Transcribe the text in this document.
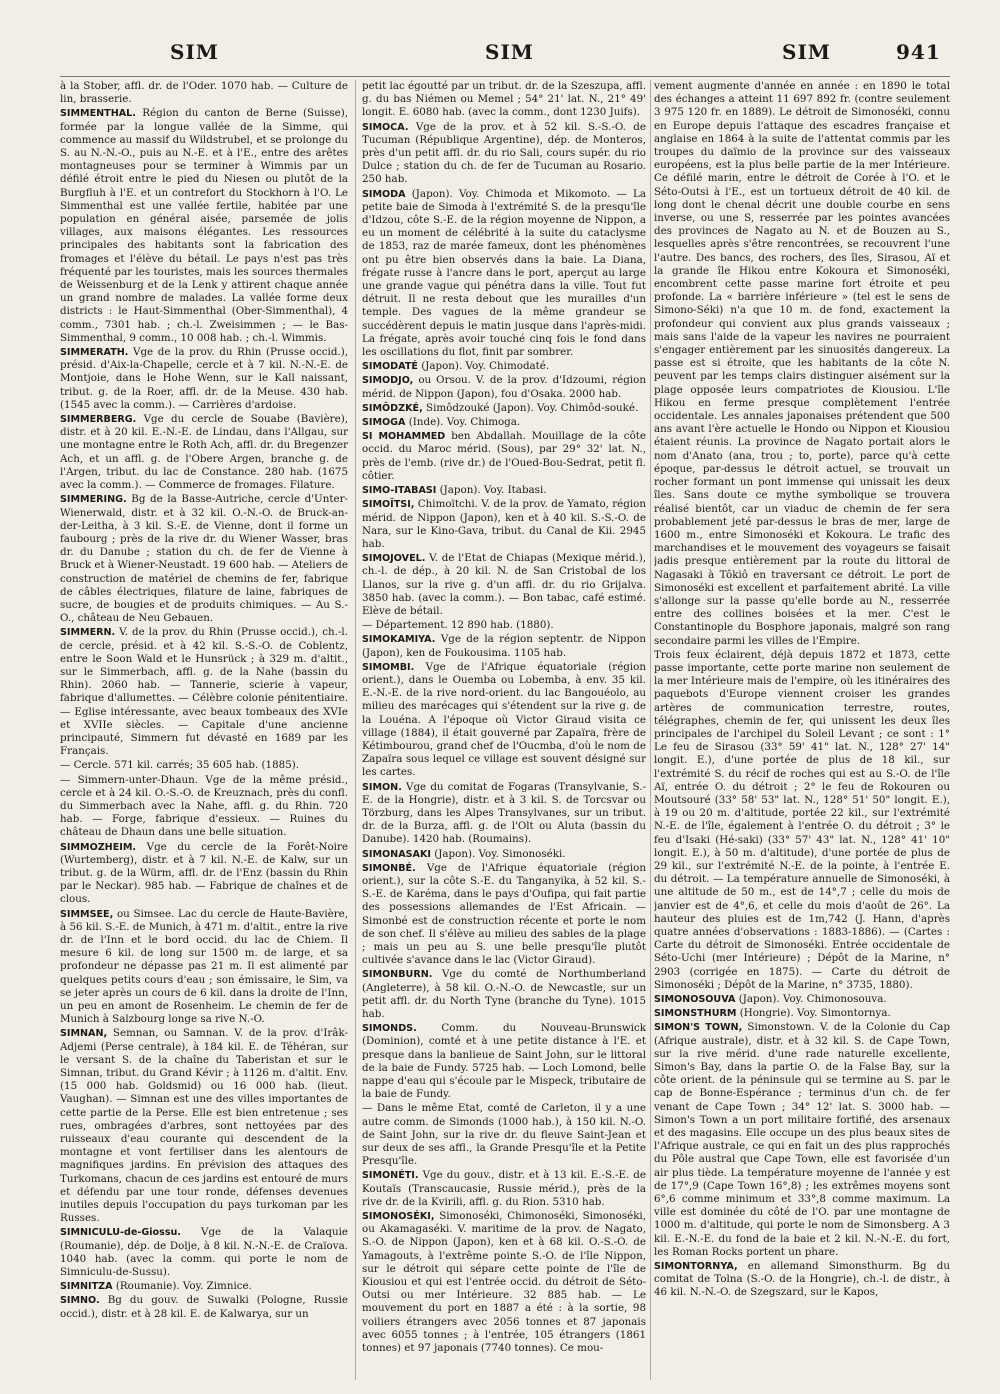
SIM	SIM	SIM	941

à la Stober, affl. dr. de l'Oder. 1070 hab. — Culture de lin, brasserie.

SIMMENTHAL. Région du canton de Berne (Suisse), formée par la longue vallée de la Simme, qui commence au massif du Wildstrubel, et se prolonge du S. au N.-N.-O., puis au N.-E. et à l'E., entre des arêtes montagneuses pour se terminer à Wimmis par un défilé étroit entre le pied du Niesen ou plutôt de la Burgfluh à l'E. et un contrefort du Stockhorn à l'O. Le Simmenthal est une vallée fertile, habitée par une population en général aisée, parsemée de jolis villages, aux maisons élégantes. Les ressources principales des habitants sont la fabrication des fromages et l'élève du bétail. Le pays n'est pas très fréquenté par les touristes, mais les sources thermales de Weissenburg et de la Lenk y attirent chaque année un grand nombre de malades. La vallée forme deux districts : le Haut-Simmenthal (Ober-Simmenthal), 4 comm., 7301 hab. ; ch.-l. Zweisimmen ; — le Bas-Simmenthal, 9 comm., 10 008 hab. ; ch.-l. Wimmis.

SIMMERATH. Vge de la prov. du Rhin (Prusse occid.), présid. d'Aix-la-Chapelle, cercle et à 7 kil. N.-N.-E. de Montjoie, dans le Hohe Wenn, sur le Kall naissant, tribut. g. de la Roer, affl. dr. de la Meuse. 430 hab. (1545 avec la comm.). — Carrières d'ardoise.

SIMMERBERG. Vge du cercle de Souabe (Bavière), distr. et à 20 kil. E.-N.-E. de Lindau, dans l'Allgau, sur une montagne entre le Roth Ach, affl. dr. du Bregenzer Ach, et un affl. g. de l'Obere Argen, branche g. de l'Argen, tribut. du lac de Constance. 280 hab. (1675 avec la comm.). — Commerce de fromages. Filature.

SIMMERING. Bg de la Basse-Autriche, cercle d'Unter-Wienerwald, distr. et à 32 kil. O.-N.-O. de Bruck-an-der-Leitha, à 3 kil. S.-E. de Vienne, dont il forme un faubourg ; près de la rive dr. du Wiener Wasser, bras dr. du Danube ; station du ch. de fer de Vienne à Bruck et à Wiener-Neustadt. 19 600 hab. — Ateliers de construction de matériel de chemins de fer, fabrique de câbles électriques, filature de laine, fabriques de sucre, de bougies et de produits chimiques. — Au S.-O., château de Neu Gebauen.

SIMMERN. V. de la prov. du Rhin (Prusse occid.), ch.-l. de cercle, présid. et à 42 kil. S.-S.-O. de Coblentz, entre le Soon Wald et le Hunsrück ; à 329 m. d'altit., sur le Simmerbach, affl. g. de la Nahe (bassin du Rhin). 2060 hab. — Tannerie, scierie à vapeur, fabrique d'allumettes. — Célèbre colonie pénitentiaire. — Eglise intéressante, avec beaux tombeaux des XVIe et XVIIe siècles. — Capitale d'une ancienne principauté, Simmern fut dévasté en 1689 par les Français.

— Cercle. 571 kil. carrés; 35 605 hab. (1885).

— Simmern-unter-Dhaun. Vge de la même présid., cercle et à 24 kil. O.-S.-O. de Kreuznach, près du confl. du Simmerbach avec la Nahe, affl. g. du Rhin. 720 hab. — Forge, fabrique d'essieux. — Ruines du château de Dhaun dans une belle situation.

SIMMOZHEIM. Vge du cercle de la Forêt-Noire (Wurtemberg), distr. et à 7 kil. N.-E. de Kalw, sur un tribut. g. de la Würm, affl. dr. de l'Enz (bassin du Rhin par le Neckar). 985 hab. — Fabrique de chaînes et de clous.

SIMMSEE, ou Simsee. Lac du cercle de Haute-Bavière, à 56 kil. S.-E. de Munich, à 471 m. d'altit., entre la rive dr. de l'Inn et le bord occid. du lac de Chiem. Il mesure 6 kil. de long sur 1500 m. de large, et sa profondeur ne dépasse pas 21 m. Il est alimenté par quelques petits cours d'eau ; son émissaire, le Sim, va se jeter après un cours de 6 kil. dans la droite de l'Inn, un peu en amont de Rosenheim. Le chemin de fer de Munich à Salzbourg longe sa rive N.-O.

SIMNAN, Semnan, ou Samnan. V. de la prov. d'Irâk-Adjemi (Perse centrale), à 184 kil. E. de Téhéran, sur le versant S. de la chaîne du Taberistan et sur le Simnan, tribut. du Grand Kévir ; à 1126 m. d'altit. Env. (15 000 hab. Goldsmid) ou 16 000 hab. (lieut. Vaughan). — Simnan est une des villes importantes de cette partie de la Perse. Elle est bien entretenue ; ses rues, ombragées d'arbres, sont nettoyées par des ruisseaux d'eau courante qui descendent de la montagne et vont fertiliser dans les alentours de magnifiques jardins. En prévision des attaques des Turkomans, chacun de ces jardins est entouré de murs et défendu par une tour ronde, défenses devenues inutiles depuis l'occupation du pays turkoman par les Russes.

SIMNICULU-de-Giossu. Vge de la Valaquie (Roumanie), dép. de Dolje, à 8 kil. N.-N.-E. de Craïova. 1040 hab. (avec la comm. qui porte le nom de Simniculu-de-Sussu).

SIMNITZA (Roumanie). Voy. Zimnice.

SIMNO. Bg du gouv. de Suwalki (Pologne, Russie occid.), distr. et à 28 kil. E. de Kalwarya, sur un

petit lac égoutté par un tribut. dr. de la Szeszupa, affl. g. du bas Niémen ou Memel ; 54° 21' lat. N., 21° 49' longit. E. 6080 hab. (avec la comm., dont 1230 Juifs).

SIMOCA. Vge de la prov. et à 52 kil. S.-S.-O. de Tucuman (République Argentine), dép. de Monteros, près d'un petit affl. dr. du rio Sali, cours supér. du rio Dulce ; station du ch. de fer de Tucuman au Rosario. 250 hab.

SIMODA (Japon). Voy. Chimoda et Mikomoto. — La petite baie de Simoda à l'extrémité S. de la presqu'île d'Idzou, côte S.-E. de la région moyenne de Nippon, a eu un moment de célébrité à la suite du cataclysme de 1853, raz de marée fameux, dont les phénomènes ont pu être bien observés dans la baie. La Diana, frégate russe à l'ancre dans le port, aperçut au large une grande vague qui pénétra dans la ville. Tout fut détruit. Il ne resta debout que les murailles d'un temple. Des vagues de la même grandeur se succédèrent depuis le matin jusque dans l'après-midi. La frégate, après avoir touché cinq fois le fond dans les oscillations du flot, finit par sombrer.

SIMODATÉ (Japon). Voy. Chimodaté.

SIMODJO, ou Orsou. V. de la prov. d'Idzoumi, région mérid. de Nippon (Japon), fou d'Osaka. 2000 hab.

SIMÔDZKÉ, Simôdzouké (Japon). Voy. Chimôd-souké.

SIMOGA (Inde). Voy. Chimoga.

SI MOHAMMED ben Abdallah. Mouillage de la côte occid. du Maroc mérid. (Sous), par 29° 32' lat. N., près de l'emb. (rive dr.) de l'Oued-Bou-Sedrat, petit fl. côtier.

SIMO-ITABASI (Japon). Voy. Itabasi.

SIMOÏTSI, Chimoïtchi. V. de la prov. de Yamato, région mérid. de Nippon (Japon), ken et à 40 kil. S.-S.-O. de Nara, sur le Kino-Gava, tribut. du Canal de Kii. 2945 hab.

SIMOJOVEL. V. de l'Etat de Chiapas (Mexique mérid.), ch.-l. de dép., à 20 kil. N. de San Cristobal de los Llanos, sur la rive g. d'un affl. dr. du rio Grijalva. 3850 hab. (avec la comm.). — Bon tabac, café estimé. Elève de bétail.

— Département. 12 890 hab. (1880).

SIMOKAMIYA. Vge de la région septentr. de Nippon (Japon), ken de Foukousima. 1105 hab.

SIMOMBI. Vge de l'Afrique équatoriale (région orient.), dans le Ouemba ou Lobemba, à env. 35 kil. E.-N.-E. de la rive nord-orient. du lac Bangouéolo, au milieu des marécages qui s'étendent sur la rive g. de la Louéna. A l'époque où Victor Giraud visita ce village (1884), il était gouverné par Zapaïra, frère de Kétimbourou, grand chef de l'Oucmba, d'où le nom de Zapaïra sous lequel ce village est souvent désigné sur les cartes.

SIMON. Vge du comitat de Fogaras (Transylvanie, S.-E. de la Hongrie), distr. et à 3 kil. S. de Torcsvar ou Törzburg, dans les Alpes Transylvanes, sur un tribut. dr. de la Burza, affl. g. de l'Olt ou Aluta (bassin du Danube). 1420 hab. (Roumains).

SIMONASAKI (Japon). Voy. Simonoséki.

SIMONBÉ. Vge de l'Afrique équatoriale (région orient.), sur la côte S.-E. du Tanganyika, à 52 kil. S.-S.-E. de Karéma, dans le pays d'Oufipa, qui fait partie des possessions allemandes de l'Est Africain. — Simonbé est de construction récente et porte le nom de son chef. Il s'élève au milieu des sables de la plage ; mais un peu au S. une belle presqu'île plutôt cultivée s'avance dans le lac (Victor Giraud).

SIMONBURN. Vge du comté de Northumberland (Angleterre), à 58 kil. O.-N.-O. de Newcastle, sur un petit affl. dr. du North Tyne (branche du Tyne). 1015 hab.

SIMONDS. Comm. du Nouveau-Brunswick (Dominion), comté et à une petite distance à l'E. et presque dans la banlieue de Saint John, sur le littoral de la baie de Fundy. 5725 hab. — Loch Lomond, belle nappe d'eau qui s'écoule par le Mispeck, tributaire de la baie de Fundy.

— Dans le même Etat, comté de Carleton, il y a une autre comm. de Simonds (1000 hab.), à 150 kil. N.-O. de Saint John, sur la rive dr. du fleuve Saint-Jean et sur deux de ses affl., la Grande Presqu'île et la Petite Presqu'île.

SIMONÉTI. Vge du gouv., distr. et à 13 kil. E.-S.-E. de Koutaïs (Transcaucasie, Russie mérid.), près de la rive dr. de la Kvirili, affl. g. du Rion. 5310 hab.

SIMONOSÉKI, Simonoséki, Chimonoséki, Simonoséki, ou Akamagaséki. V. maritime de la prov. de Nagato, S.-O. de Nippon (Japon), ken et à 68 kil. O.-S.-O. de Yamagouts, à l'extrême pointe S.-O. de l'île Nippon, sur le détroit qui sépare cette pointe de l'île de Kiousiou et qui est l'entrée occid. du détroit de Séto-Outsi ou mer Intérieure. 32 885 hab. — Le mouvement du port en 1887 a été : à la sortie, 98 voiliers étrangers avec 2056 tonnes et 87 japonais avec 6055 tonnes ; à l'entrée, 105 étrangers (1861 tonnes) et 97 japonais (7740 tonnes). Ce mou-

vement augmente d'année en année : en 1890 le total des échanges a atteint 11 697 892 fr. (contre seulement 3 975 120 fr. en 1889). Le détroit de Simonoséki, connu en Europe depuis l'attaque des escadres française et anglaise en 1864 à la suite de l'attentat commis par les troupes du daïmio de la province sur des vaisseaux européens, est la plus belle partie de la mer Intérieure. Ce défilé marin, entre le détroit de Corée à l'O. et le Séto-Outsi à l'E., est un tortueux détroit de 40 kil. de long dont le chenal décrit une double courbe en sens inverse, ou une S, resserrée par les pointes avancées des provinces de Nagato au N. et de Bouzen au S., lesquelles après s'être rencontrées, se recouvrent l'une l'autre. Des bancs, des rochers, des îles, Sirasou, Aï et la grande île Hikou entre Kokoura et Simonoséki, encombrent cette passe marine fort étroite et peu profonde. La « barrière inférieure » (tel est le sens de Simono-Séki) n'a que 10 m. de fond, exactement la profondeur qui convient aux plus grands vaisseaux ; mais sans l'aide de la vapeur les navires ne pourraient s'engager entièrement par les sinuosités dangereux. La passe est si étroite, que les habitants de la côte N. peuvent par les temps clairs distinguer aisément sur la plage opposée leurs compatriotes de Kiousiou. L'île Hikou en ferme presque complètement l'entrée occidentale. Les annales japonaises prétendent que 500 ans avant l'ère actuelle le Hondo ou Nippon et Kiousiou étaient réunis. La province de Nagato portait alors le nom d'Anato (ana, trou ; to, porte), parce qu'à cette époque, par-dessus le détroit actuel, se trouvait un rocher formant un pont immense qui unissait les deux îles. Sans doute ce mythe symbolique se trouvera réalisé bientôt, car un viaduc de chemin de fer sera probablement jeté par-dessus le bras de mer, large de 1600 m., entre Simonoséki et Kokoura. Le trafic des marchandises et le mouvement des voyageurs se faisait jadis presque entièrement par la route du littoral de Nagasaki à Tôkiô en traversant ce détroit. Le port de Simonoséki est excellent et parfaitement abrité. La ville s'allonge sur la passe qu'elle borde au N., resserrée entre des collines boisées et la mer. C'est le Constantinople du Bosphore japonais, malgré son rang secondaire parmi les villes de l'Empire.

Trois feux éclairent, déjà depuis 1872 et 1873, cette passe importante, cette porte marine non seulement de la mer Intérieure mais de l'empire, où les itinéraires des paquebots d'Europe viennent croiser les grandes artères de communication terrestre, routes, télégraphes, chemin de fer, qui unissent les deux îles principales de l'archipel du Soleil Levant ; ce sont : 1° Le feu de Sirasou (33° 59' 41" lat. N., 128° 27' 14" longit. E.), d'une portée de plus de 18 kil., sur l'extrémité S. du récif de roches qui est au S.-O. de l'île Aï, entrée O. du détroit ; 2° le feu de Rokouren ou Moutsouré (33° 58' 53" lat. N., 128° 51' 50" longit. E.), à 19 ou 20 m. d'altitude, portée 22 kil., sur l'extrémité N.-E. de l'île, également à l'entrée O. du détroit ; 3° le feu d'Isaki (Hé-saki) (33° 57' 43" lat. N., 128° 41' 10" longit. E.), à 50 m. d'altitude), d'une portée de plus de 29 kil., sur l'extrémité N.-E. de la pointe, à l'entrée E. du détroit. — La température annuelle de Simonoséki, à une altitude de 50 m., est de 14°,7 ; celle du mois de janvier est de 4°,6, et celle du mois d'août de 26°. La hauteur des pluies est de 1m,742 (J. Hann, d'après quatre années d'observations : 1883-1886). — (Cartes : Carte du détroit de Simonoséki. Entrée occidentale de Séto-Uchi (mer Intérieure) ; Dépôt de la Marine, n° 2903 (corrigée en 1875). — Carte du détroit de Simonoséki ; Dépôt de la Marine, n° 3735, 1880).

SIMONOSOUVA (Japon). Voy. Chimonosouva.

SIMONSTHURM (Hongrie). Voy. Simontornya.

SIMON'S TOWN, Simonstown. V. de la Colonie du Cap (Afrique australe), distr. et à 32 kil. S. de Cape Town, sur la rive mérid. d'une rade naturelle excellente, Simon's Bay, dans la partie O. de la False Bay, sur la côte orient. de la péninsule qui se termine au S. par le cap de Bonne-Espérance ; terminus d'un ch. de fer venant de Cape Town ; 34° 12' lat. S. 3000 hab. — Simon's Town a un port militaire fortifié, des arsenaux et des magasins. Elle occupe un des plus beaux sites de l'Afrique australe, ce qui en fait un des plus rapprochés du Pôle austral que Cape Town, elle est favorisée d'un air plus tiède. La température moyenne de l'année y est de 17°,9 (Cape Town 16°,8) ; les extrêmes moyens sont 6°,6 comme minimum et 33°,8 comme maximum. La ville est dominée du côté de l'O. par une montagne de 1000 m. d'altitude, qui porte le nom de Simonsberg. A 3 kil. E.-N.-E. du fond de la baie et 2 kil. N.-N.-E. du fort, les Roman Rocks portent un phare.

SIMONTORNYA, en allemand Simonsthurm. Bg du comitat de Tolna (S.-O. de la Hongrie), ch.-l. de distr., à 46 kil. N.-N.-O. de Szegszard, sur le Kapos,
